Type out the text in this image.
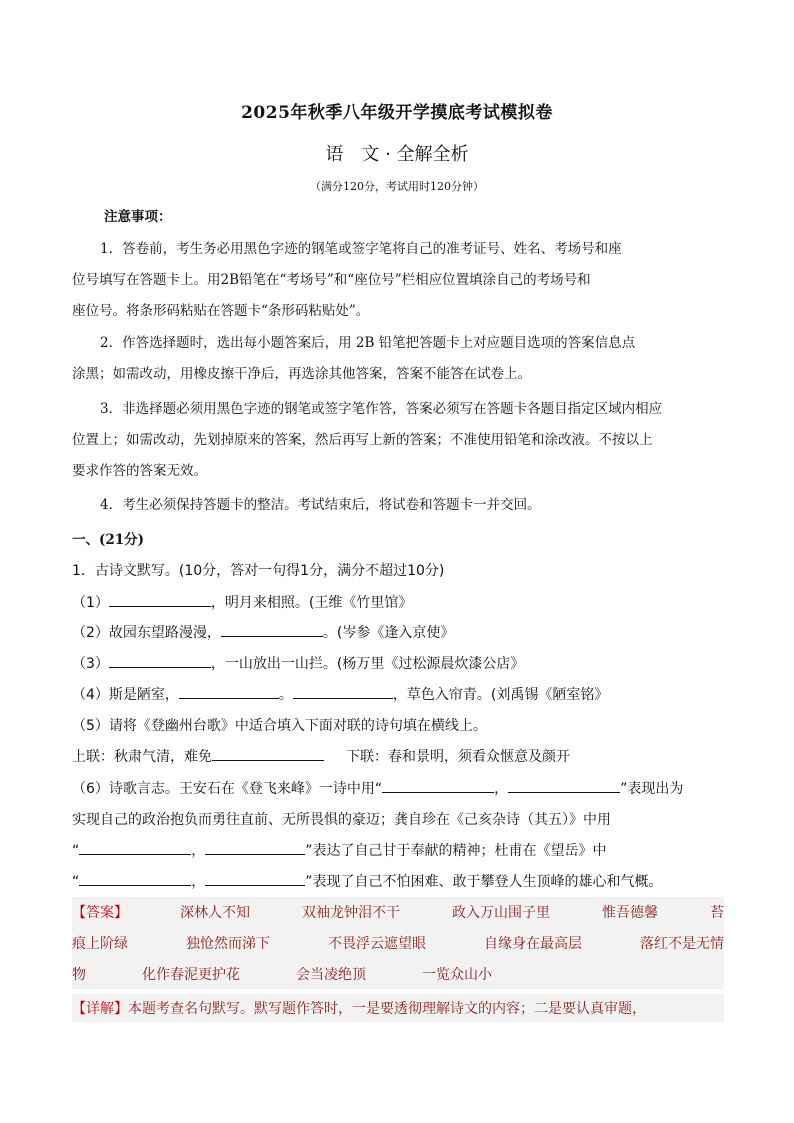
2025年秋季八年级开学摸底考试模拟卷
语　文 · 全解全析
（满分120分，考试用时120分钟）
注意事项：
1．答卷前，考生务必用黑色字迹的钢笔或签字笔将自己的准考证号、姓名、考场号和座
位号填写在答题卡上。用2B铅笔在“考场号”和“座位号”栏相应位置填涂自己的考场号和
座位号。将条形码粘贴在答题卡“条形码粘贴处”。
2．作答选择题时，选出每小题答案后，用 2B 铅笔把答题卡上对应题目选项的答案信息点
涂黑；如需改动，用橡皮擦干净后，再选涂其他答案，答案不能答在试卷上。
3．非选择题必须用黑色字迹的钢笔或签字笔作答，答案必须写在答题卡各题目指定区域内相应
位置上；如需改动，先划掉原来的答案，然后再写上新的答案；不准使用铅笔和涂改液。不按以上
要求作答的答案无效。
4．考生必须保持答题卡的整洁。考试结束后，将试卷和答题卡一并交回。
一、(21分)
1．古诗文默写。(10分，答对一句得1分，满分不超过10分)
（1）	，明月来相照。(王维《竹里馆》
（2）故园东望路漫漫，	。(岑参《逢入京使》
（3）	，一山放出一山拦。(杨万里《过松源晨炊漆公店》
（4）斯是陋室，	。	，草色入帘青。(刘禹锡《陋室铭》
（5）请将《登幽州台歌》中适合填入下面对联的诗句填在横线上。
上联：秋肃气清，难免	下联：春和景明，须看众惬意及颜开
（6）诗歌言志。王安石在《登飞来峰》一诗中用“	，	”表现出为
实现自己的政治抱负而勇往直前、无所畏惧的豪迈；龚自珍在《己亥杂诗（其五）》中用
“	，	”表达了自己甘于奉献的精神；杜甫在《望岳》中
“	，	”表现了自己不怕困难、敢于攀登人生顶峰的雄心和气概。
【答案】	深林人不知	双袖龙钟泪不干	政入万山围子里	惟吾德馨	苔
痕上阶绿	独怆然而涕下	不畏浮云遮望眼	自缘身在最高层	落红不是无情
物	化作春泥更护花	会当凌绝顶	一览众山小
【详解】本题考查名句默写。默写题作答时，一是要透彻理解诗文的内容；二是要认真审题，
